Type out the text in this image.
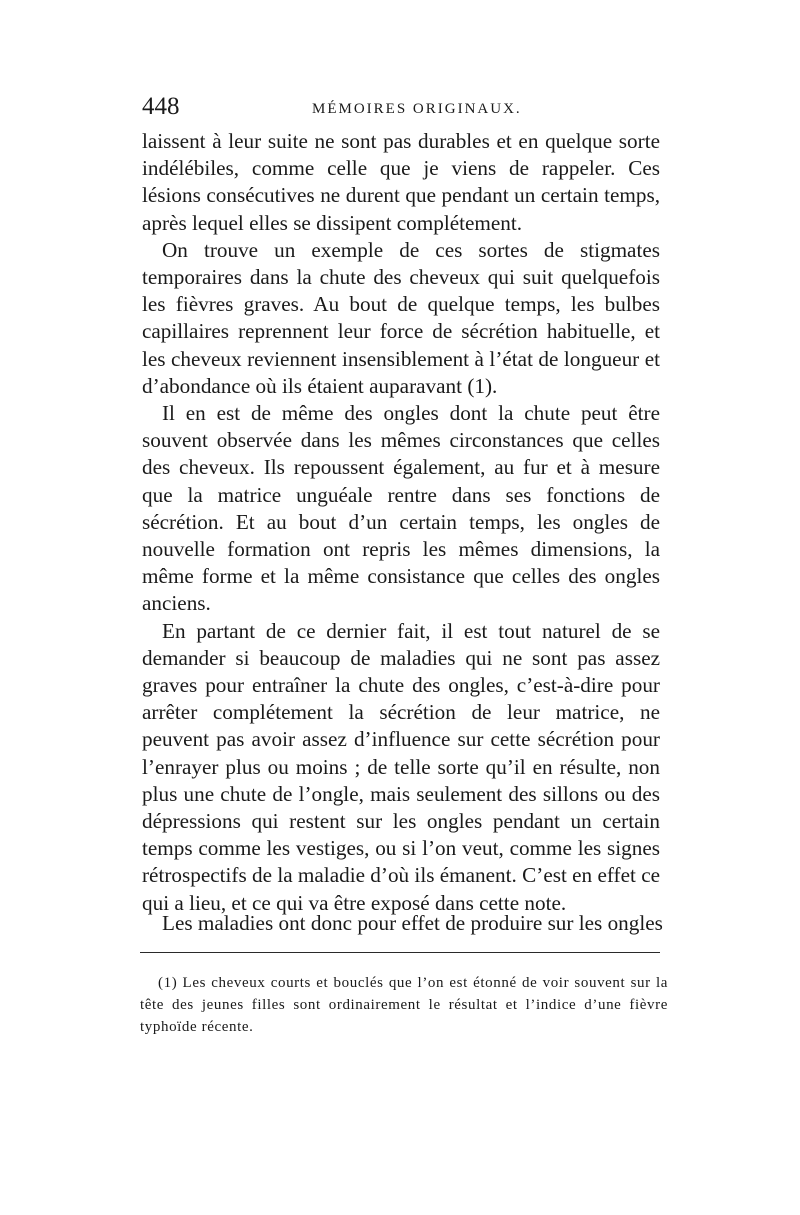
448	MÉMOIRES ORIGINAUX.

laissent à leur suite ne sont pas durables et en quelque sorte indélébiles, comme celle que je viens de rappeler. Ces lésions consécutives ne durent que pendant un certain temps, après lequel elles se dissipent complétement.

On trouve un exemple de ces sortes de stigmates temporaires dans la chute des cheveux qui suit quelquefois les fièvres graves. Au bout de quelque temps, les bulbes capillaires reprennent leur force de sécrétion habituelle, et les cheveux reviennent insensiblement à l’état de longueur et d’abondance où ils étaient auparavant (1).

Il en est de même des ongles dont la chute peut être souvent observée dans les mêmes circonstances que celles des cheveux. Ils repoussent également, au fur et à mesure que la matrice unguéale rentre dans ses fonctions de sécrétion. Et au bout d’un certain temps, les ongles de nouvelle formation ont repris les mêmes dimensions, la même forme et la même consistance que celles des ongles anciens.

En partant de ce dernier fait, il est tout naturel de se demander si beaucoup de maladies qui ne sont pas assez graves pour entraîner la chute des ongles, c’est-à-dire pour arrêter complétement la sécrétion de leur matrice, ne peuvent pas avoir assez d’influence sur cette sécrétion pour l’enrayer plus ou moins ; de telle sorte qu’il en résulte, non plus une chute de l’ongle, mais seulement des sillons ou des dépressions qui restent sur les ongles pendant un certain temps comme les vestiges, ou si l’on veut, comme les signes rétrospectifs de la maladie d’où ils émanent. C’est en effet ce qui a lieu, et ce qui va être exposé dans cette note.

Les maladies ont donc pour effet de produire sur les ongles

(1) Les cheveux courts et bouclés que l’on est étonné de voir souvent sur la tête des jeunes filles sont ordinairement le résultat et l’indice d’une fièvre typhoïde récente.
